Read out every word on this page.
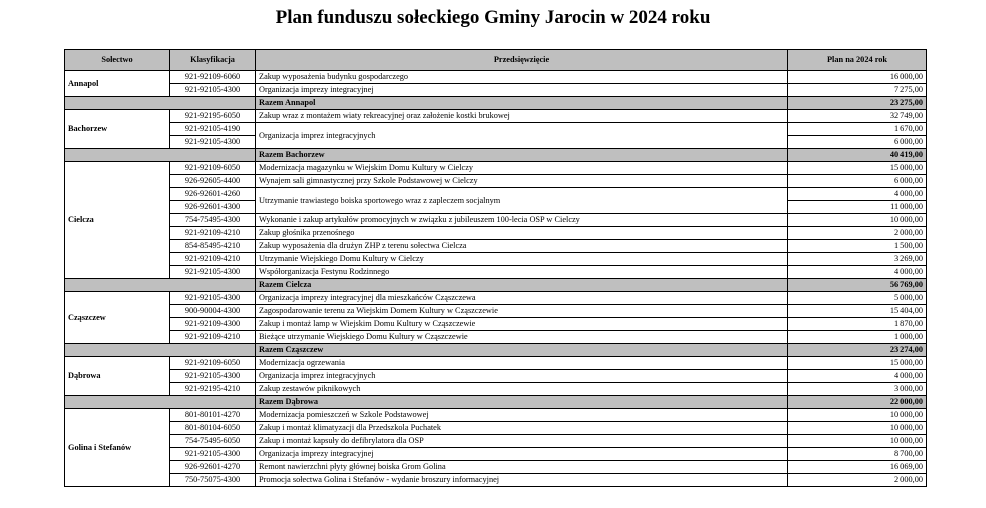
Plan funduszu sołeckiego Gminy Jarocin w 2024 roku
Sołectwo	Klasyfikacja	Przedsięwzięcie	Plan na 2024 rok
Annapol	921-92109-6060	Zakup wyposażenia budynku gospodarczego	16 000,00
	921-92105-4300	Organizacja imprezy integracyjnej	7 275,00
		Razem Annapol	23 275,00
Bachorzew	921-92195-6050	Zakup wraz z montażem wiaty rekreacyjnej oraz założenie kostki brukowej	32 749,00
	921-92105-4190	Organizacja imprez integracyjnych	1 670,00
	921-92105-4300		6 000,00
		Razem Bachorzew	40 419,00
Cielcza	921-92109-6050	Modernizacja magazynku w Wiejskim Domu Kultury w Cielczy	15 000,00
	926-92605-4400	Wynajem sali gimnastycznej przy Szkole Podstawowej w Cielczy	6 000,00
	926-92601-4260	Utrzymanie trawiastego boiska sportowego wraz z zapleczem socjalnym	4 000,00
	926-92601-4300		11 000,00
	754-75495-4300	Wykonanie i zakup artykułów promocyjnych w związku z jubileuszem 100-lecia OSP w Cielczy	10 000,00
	921-92109-4210	Zakup głośnika przenośnego	2 000,00
	854-85495-4210	Zakup wyposażenia dla drużyn ZHP z terenu sołectwa Cielcza	1 500,00
	921-92109-4210	Utrzymanie Wiejskiego Domu Kultury w Cielczy	3 269,00
	921-92105-4300	Współorganizacja Festynu Rodzinnego	4 000,00
		Razem Cielcza	56 769,00
Cząszczew	921-92105-4300	Organizacja imprezy integracyjnej dla mieszkańców Cząszczewa	5 000,00
	900-90004-4300	Zagospodarowanie terenu za Wiejskim Domem Kultury w Cząszczewie	15 404,00
	921-92109-4300	Zakup i montaż lamp w Wiejskim Domu Kultury w Cząszczewie	1 870,00
	921-92109-4210	Bieżące utrzymanie Wiejskiego Domu Kultury w Cząszczewie	1 000,00
		Razem Cząszczew	23 274,00
Dąbrowa	921-92109-6050	Modernizacja ogrzewania	15 000,00
	921-92105-4300	Organizacja imprez integracyjnych	4 000,00
	921-92195-4210	Zakup zestawów piknikowych	3 000,00
		Razem Dąbrowa	22 000,00
Golina i Stefanów	801-80101-4270	Modernizacja pomieszczeń w Szkole Podstawowej	10 000,00
	801-80104-6050	Zakup i montaż klimatyzacji dla Przedszkola Puchatek	10 000,00
	754-75495-6050	Zakup i montaż kapsuły do defibrylatora dla OSP	10 000,00
	921-92105-4300	Organizacja imprezy integracyjnej	8 700,00
	926-92601-4270	Remont nawierzchni płyty głównej boiska Grom Golina	16 069,00
	750-75075-4300	Promocja sołectwa Golina i Stefanów - wydanie broszury informacyjnej	2 000,00
